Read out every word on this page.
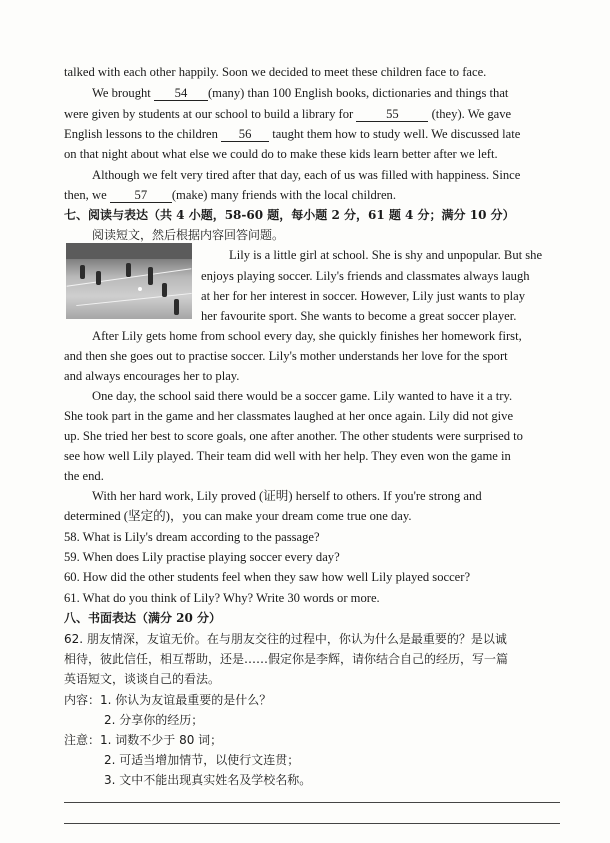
talked with each other happily. Soon we decided to meet these children face to face.
We brought 54 (many) than 100 English books, dictionaries and things that
were given by students at our school to build a library for	55	(they). We gave
English lessons to the children 56 taught them how to study well. We discussed late
on that night about what else we could do to make these kids learn better after we left.
Although we felt very tired after that day, each of us was filled with happiness. Since
then, we 57 (make) many friends with the local children.
七、阅读与表达（共 4 小题，58-60 题，每小题 2 分，61 题 4 分；满分 10 分）
阅读短文，然后根据内容回答问题。
Lily is a little girl at school. She is shy and unpopular. But she
enjoys playing soccer. Lily's friends and classmates always laugh
at her for her interest in soccer. However, Lily just wants to play
her favourite sport. She wants to become a great soccer player.
After Lily gets home from school every day, she quickly finishes her homework first,
and then she goes out to practise soccer. Lily's mother understands her love for the sport
and always encourages her to play.
One day, the school said there would be a soccer game. Lily wanted to have it a try.
She took part in the game and her classmates laughed at her once again. Lily did not give
up. She tried her best to score goals, one after another. The other students were surprised to
see how well Lily played. Their team did well with her help. They even won the game in
the end.
With her hard work, Lily proved (证明) herself to others. If you're strong and
determined (坚定的)，you can make your dream come true one day.
58. What is Lily's dream according to the passage?
59. When does Lily practise playing soccer every day?
60. How did the other students feel when they saw how well Lily played soccer?
61. What do you think of Lily? Why? Write 30 words or more.
八、书面表达（满分 20 分）
62. 朋友情深，友谊无价。在与朋友交往的过程中，你认为什么是最重要的？是以诚
相待，彼此信任，相互帮助，还是……假定你是李辉，请你结合自己的经历，写一篇
英语短文，谈谈自己的看法。
内容：1. 你认为友谊最重要的是什么？
2. 分享你的经历；
注意：1. 词数不少于 80 词；
2. 可适当增加情节，以使行文连贯；
3. 文中不能出现真实姓名及学校名称。
